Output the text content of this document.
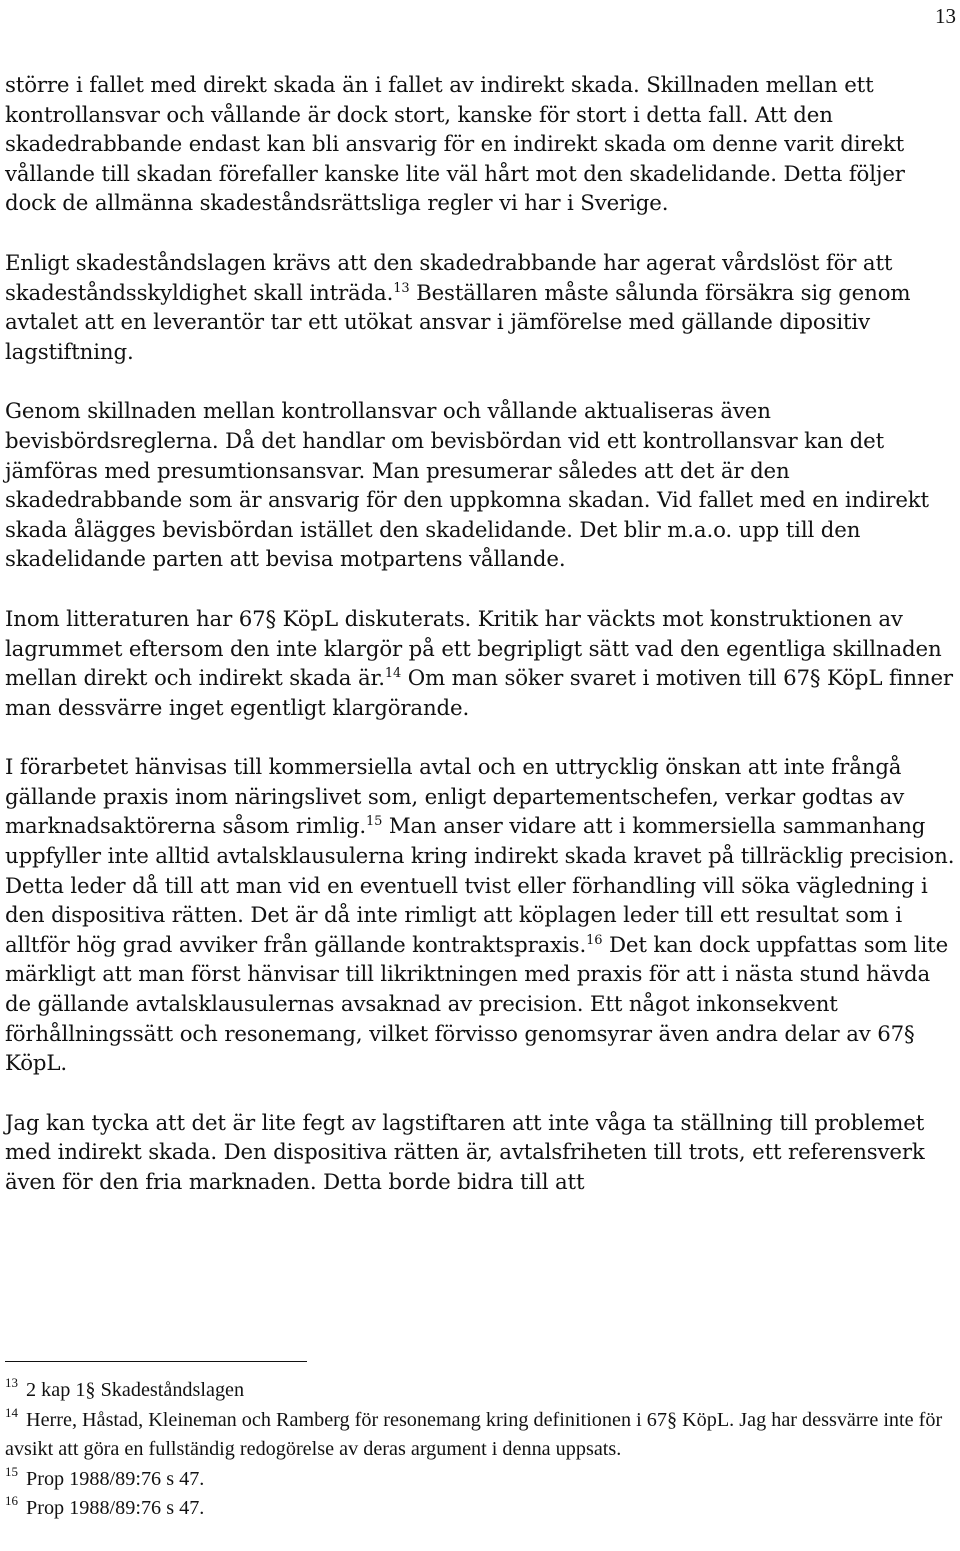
13

större i fallet med direkt skada än i fallet av indirekt skada. Skillnaden mellan ett kontrollansvar och vållande är dock stort, kanske för stort i detta fall. Att den skadedrabbande endast kan bli ansvarig för en indirekt skada om denne varit direkt vållande till skadan förefaller kanske lite väl hårt mot den skadelidande. Detta följer dock de allmänna skadeståndsrättsliga regler vi har i Sverige.

Enligt skadeståndslagen krävs att den skadedrabbande har agerat vårdslöst för att skadeståndsskyldighet skall inträda.$^{13}$ Beställaren måste sålunda försäkra sig genom avtalet att en leverantör tar ett utökat ansvar i jämförelse med gällande dipositiv lagstiftning.

Genom skillnaden mellan kontrollansvar och vållande aktualiseras även bevisbördsreglerna. Då det handlar om bevisbördan vid ett kontrollansvar kan det jämföras med presumtionsansvar. Man presumerar således att det är den skadedrabbande som är ansvarig för den uppkomna skadan. Vid fallet med en indirekt skada ålägges bevisbördan istället den skadelidande. Det blir m.a.o. upp till den skadelidande parten att bevisa motpartens vållande.

Inom litteraturen har 67§ KöpL diskuterats. Kritik har väckts mot konstruktionen av lagrummet eftersom den inte klargör på ett begripligt sätt vad den egentliga skillnaden mellan direkt och indirekt skada är.$^{14}$ Om man söker svaret i motiven till 67§ KöpL finner man dessvärre inget egentligt klargörande.

I förarbetet hänvisas till kommersiella avtal och en uttrycklig önskan att inte frångå gällande praxis inom näringslivet som, enligt departementschefen, verkar godtas av marknadsaktörerna såsom rimlig.$^{15}$ Man anser vidare att i kommersiella sammanhang uppfyller inte alltid avtalsklausulerna kring indirekt skada kravet på tillräcklig precision. Detta leder då till att man vid en eventuell tvist eller förhandling vill söka vägledning i den dispositiva rätten. Det är då inte rimligt att köplagen leder till ett resultat som i alltför hög grad avviker från gällande kontraktspraxis.$^{16}$ Det kan dock uppfattas som lite märkligt att man först hänvisar till likriktningen med praxis för att i nästa stund hävda de gällande avtalsklausulernas avsaknad av precision. Ett något inkonsekvent förhållningssätt och resonemang, vilket förvisso genomsyrar även andra delar av 67§ KöpL.

Jag kan tycka att det är lite fegt av lagstiftaren att inte våga ta ställning till problemet med indirekt skada. Den dispositiva rätten är, avtalsfriheten till trots, ett referensverk även för den fria marknaden. Detta borde bidra till att

$^{13}$ 2 kap 1§ Skadeståndslagen

$^{14}$ Herre, Håstad, Kleineman och Ramberg för resonemang kring definitionen i 67§ KöpL. Jag har dessvärre inte för avsikt att göra en fullständig redogörelse av deras argument i denna uppsats.

$^{15}$ Prop 1988/89:76 s 47.

$^{16}$ Prop 1988/89:76 s 47.
